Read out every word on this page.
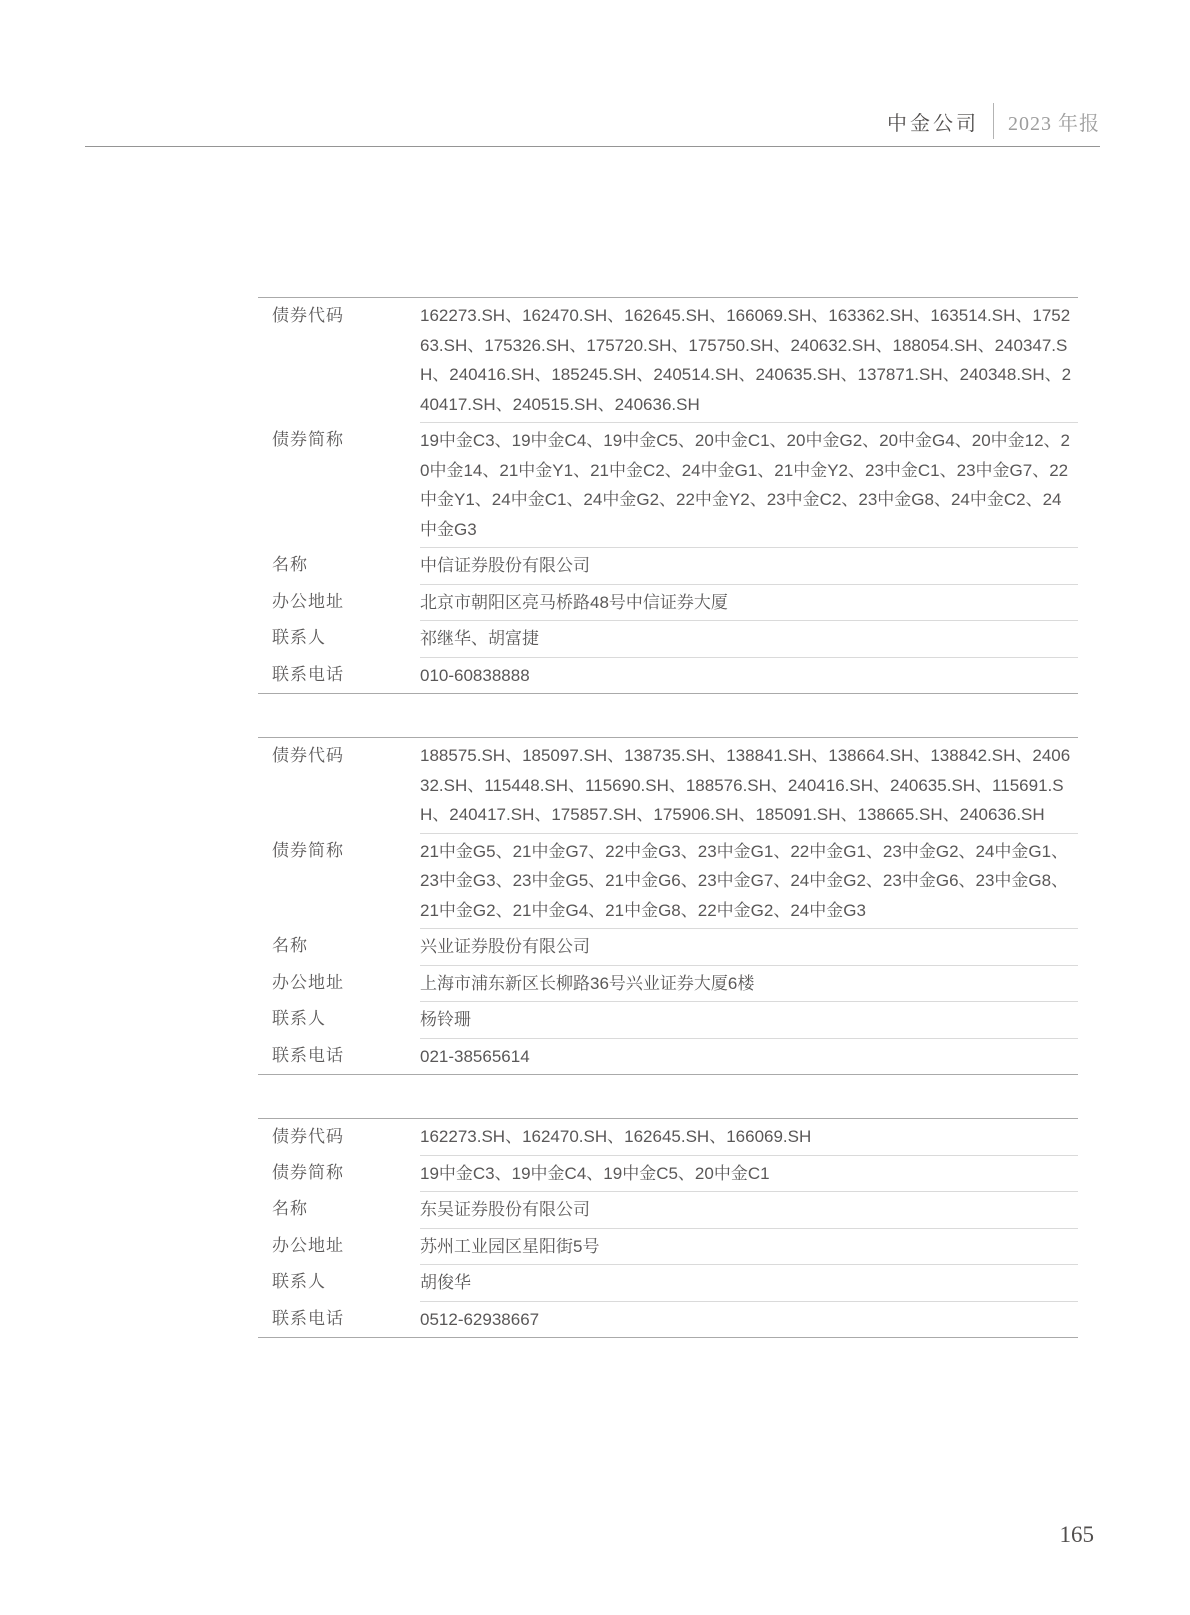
中金公司 2023 年报
债券代码	162273.SH、162470.SH、162645.SH、166069.SH、163362.SH、163514.SH、175263.SH、175326.SH、175720.SH、175750.SH、240632.SH、188054.SH、240347.SH、240416.SH、185245.SH、240514.SH、240635.SH、137871.SH、240348.SH、240417.SH、240515.SH、240636.SH
债券简称	19中金C3、19中金C4、19中金C5、20中金C1、20中金G2、20中金G4、20中金12、20中金14、21中金Y1、21中金C2、24中金G1、21中金Y2、23中金C1、23中金G7、22中金Y1、24中金C1、24中金G2、22中金Y2、23中金C2、23中金G8、24中金C2、24中金G3
名称	中信证券股份有限公司
办公地址	北京市朝阳区亮马桥路48号中信证券大厦
联系人	祁继华、胡富捷
联系电话	010-60838888
债券代码	188575.SH、185097.SH、138735.SH、138841.SH、138664.SH、138842.SH、240632.SH、115448.SH、115690.SH、188576.SH、240416.SH、240635.SH、115691.SH、240417.SH、175857.SH、175906.SH、185091.SH、138665.SH、240636.SH
债券简称	21中金G5、21中金G7、22中金G3、23中金G1、22中金G1、23中金G2、24中金G1、23中金G3、23中金G5、21中金G6、23中金G7、24中金G2、23中金G6、23中金G8、21中金G2、21中金G4、21中金G8、22中金G2、24中金G3
名称	兴业证券股份有限公司
办公地址	上海市浦东新区长柳路36号兴业证券大厦6楼
联系人	杨铃珊
联系电话	021-38565614
债券代码	162273.SH、162470.SH、162645.SH、166069.SH
债券简称	19中金C3、19中金C4、19中金C5、20中金C1
名称	东吴证券股份有限公司
办公地址	苏州工业园区星阳街5号
联系人	胡俊华
联系电话	0512-62938667
165
